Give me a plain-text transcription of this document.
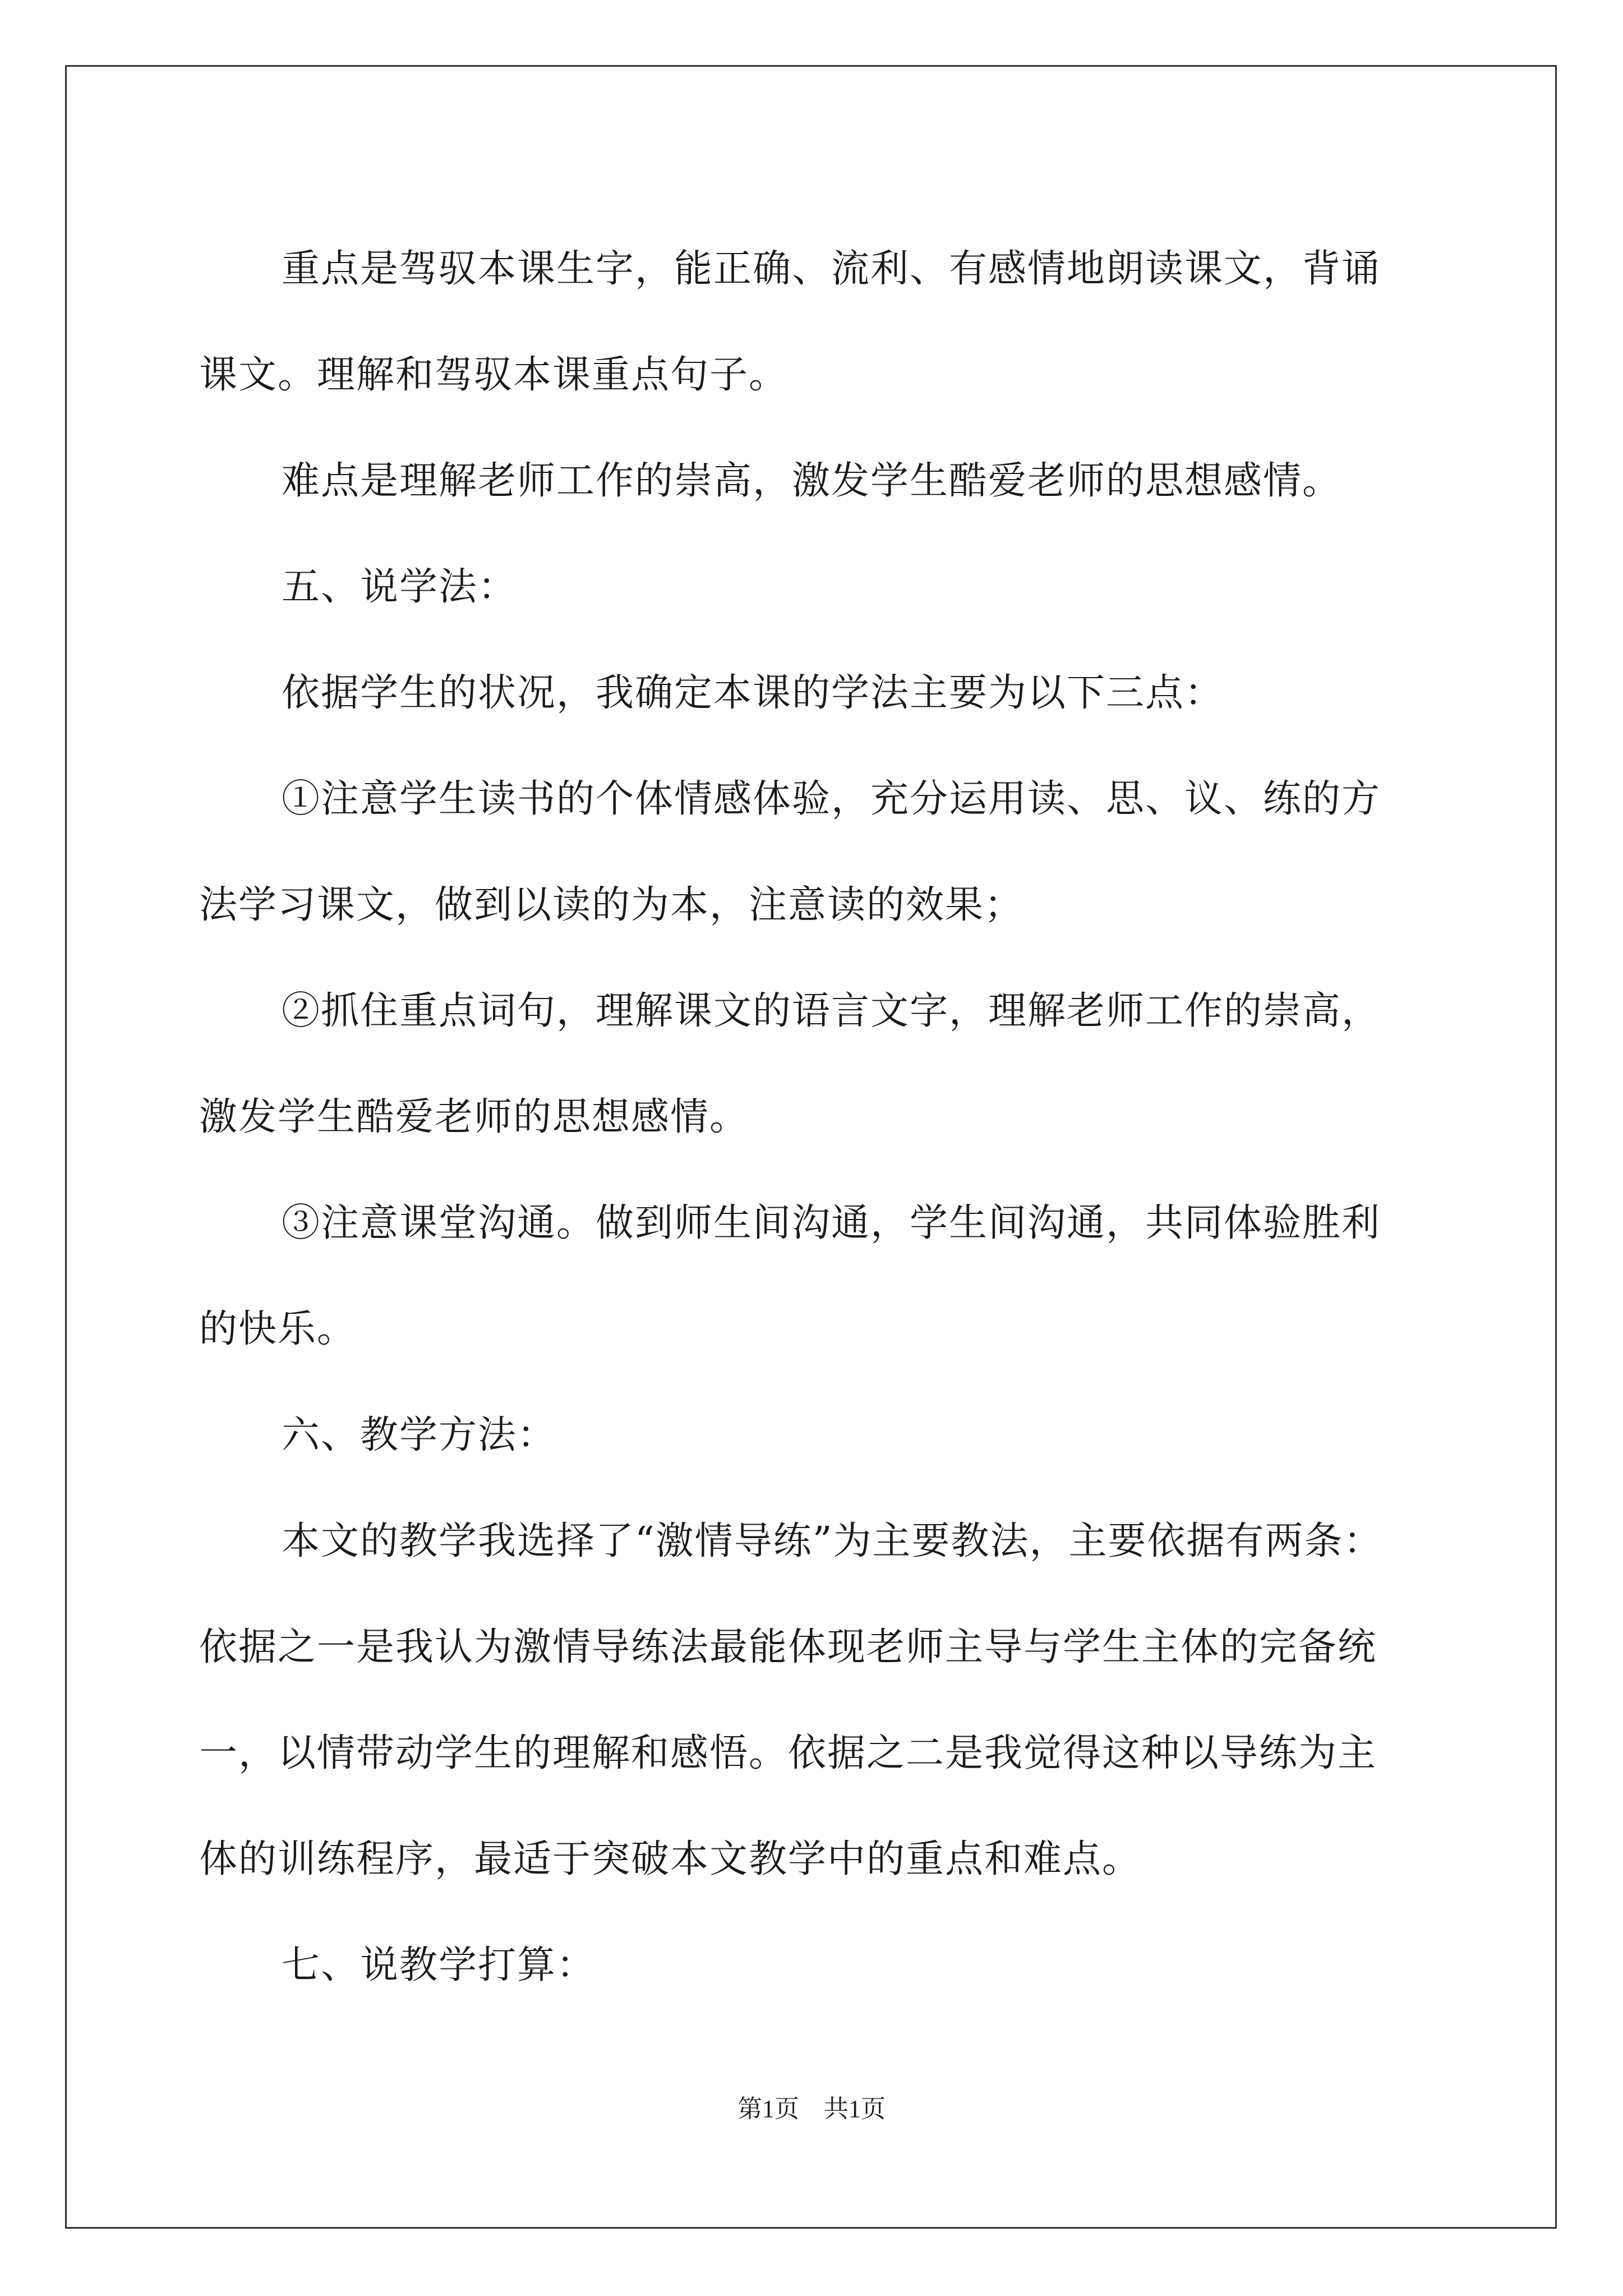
重点是驾驭本课生字，能正确、流利、有感情地朗读课文，背诵
课文。理解和驾驭本课重点句子。

难点是理解老师工作的崇高，激发学生酷爱老师的思想感情。

五、说学法：

依据学生的状况，我确定本课的学法主要为以下三点：

①注意学生读书的个体情感体验，充分运用读、思、议、练的方
法学习课文，做到以读的为本，注意读的效果；

②抓住重点词句，理解课文的语言文字，理解老师工作的崇高，
激发学生酷爱老师的思想感情。

③注意课堂沟通。做到师生间沟通，学生间沟通，共同体验胜利
的快乐。

六、教学方法：

本文的教学我选择了“激情导练”为主要教法，主要依据有两条：
依据之一是我认为激情导练法最能体现老师主导与学生主体的完备统
一，以情带动学生的理解和感悟。依据之二是我觉得这种以导练为主
体的训练程序，最适于突破本文教学中的重点和难点。

七、说教学打算：

第1页　共1页
